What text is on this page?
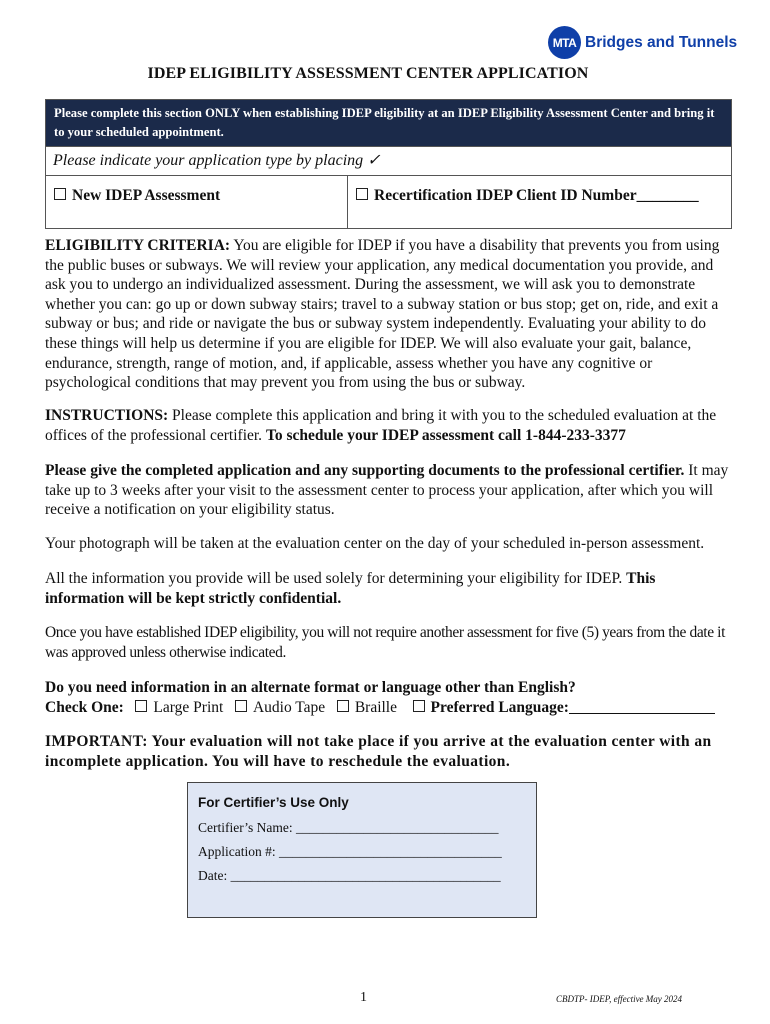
MTA Bridges and Tunnels
IDEP ELIGIBILITY ASSESSMENT CENTER APPLICATION
Please complete this section ONLY when establishing IDEP eligibility at an IDEP Eligibility Assessment Center and bring it to your scheduled appointment.
Please indicate your application type by placing ✓
New IDEP Assessment	Recertification IDEP Client ID Number________

ELIGIBILITY CRITERIA: You are eligible for IDEP if you have a disability that prevents you from using the public buses or subways. We will review your application, any medical documentation you provide, and ask you to undergo an individualized assessment. During the assessment, we will ask you to demonstrate whether you can: go up or down subway stairs; travel to a subway station or bus stop; get on, ride, and exit a subway or bus; and ride or navigate the bus or subway system independently. Evaluating your ability to do these things will help us determine if you are eligible for IDEP. We will also evaluate your gait, balance, endurance, strength, range of motion, and, if applicable, assess whether you have any cognitive or psychological conditions that may prevent you from using the bus or subway.

INSTRUCTIONS: Please complete this application and bring it with you to the scheduled evaluation at the offices of the professional certifier. To schedule your IDEP assessment call 1-844-233-3377

Please give the completed application and any supporting documents to the professional certifier. It may take up to 3 weeks after your visit to the assessment center to process your application, after which you will receive a notification on your eligibility status.

Your photograph will be taken at the evaluation center on the day of your scheduled in-person assessment.

All the information you provide will be used solely for determining your eligibility for IDEP. This information will be kept strictly confidential.

Once you have established IDEP eligibility, you will not require another assessment for five (5) years from the date it was approved unless otherwise indicated.

Do you need information in an alternate format or language other than English?

Check One: Large Print Audio Tape Braille Preferred Language:

IMPORTANT: Your evaluation will not take place if you arrive at the evaluation center with an incomplete application. You will have to reschedule the evaluation.

For Certifier’s Use Only
Certifier’s Name: ______________________________
Application #: _________________________________
Date: ________________________________________
1	CBDTP- IDEP, effective May 2024
